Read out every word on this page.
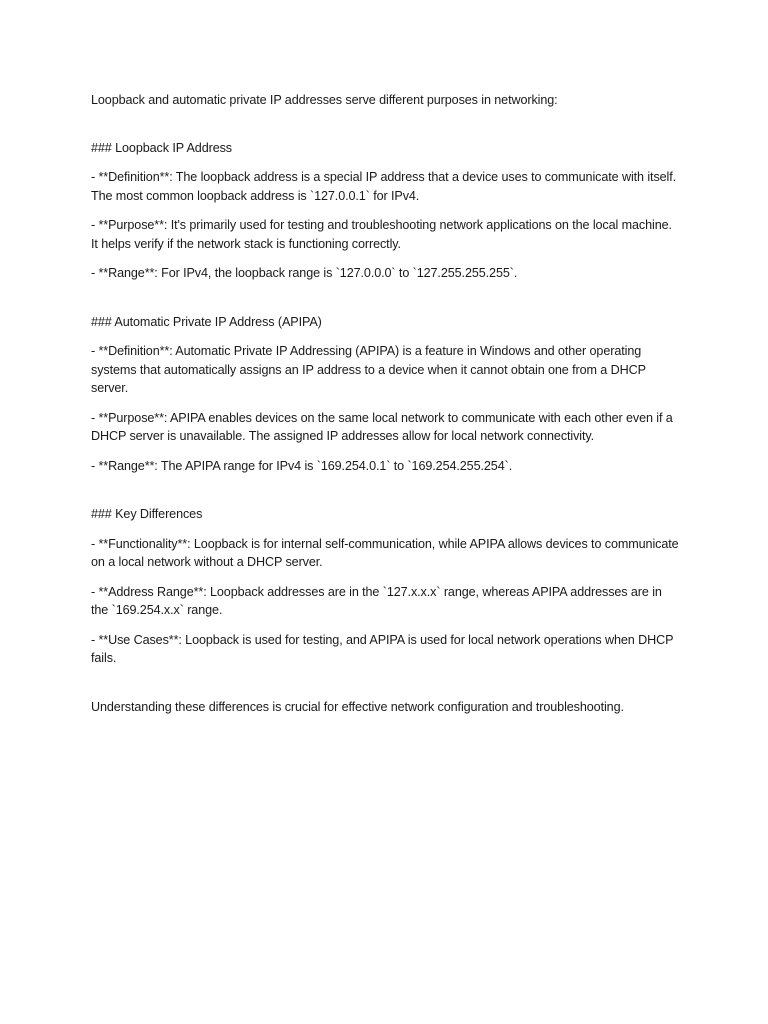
Loopback and automatic private IP addresses serve different purposes in networking:

### Loopback IP Address

- **Definition**: The loopback address is a special IP address that a device uses to communicate with itself. The most common loopback address is `127.0.0.1` for IPv4.

- **Purpose**: It's primarily used for testing and troubleshooting network applications on the local machine. It helps verify if the network stack is functioning correctly.

- **Range**: For IPv4, the loopback range is `127.0.0.0` to `127.255.255.255`.

### Automatic Private IP Address (APIPA)

- **Definition**: Automatic Private IP Addressing (APIPA) is a feature in Windows and other operating systems that automatically assigns an IP address to a device when it cannot obtain one from a DHCP server.

- **Purpose**: APIPA enables devices on the same local network to communicate with each other even if a DHCP server is unavailable. The assigned IP addresses allow for local network connectivity.

- **Range**: The APIPA range for IPv4 is `169.254.0.1` to `169.254.255.254`.

### Key Differences

- **Functionality**: Loopback is for internal self-communication, while APIPA allows devices to communicate on a local network without a DHCP server.

- **Address Range**: Loopback addresses are in the `127.x.x.x` range, whereas APIPA addresses are in the `169.254.x.x` range.

- **Use Cases**: Loopback is used for testing, and APIPA is used for local network operations when DHCP fails.

Understanding these differences is crucial for effective network configuration and troubleshooting.
